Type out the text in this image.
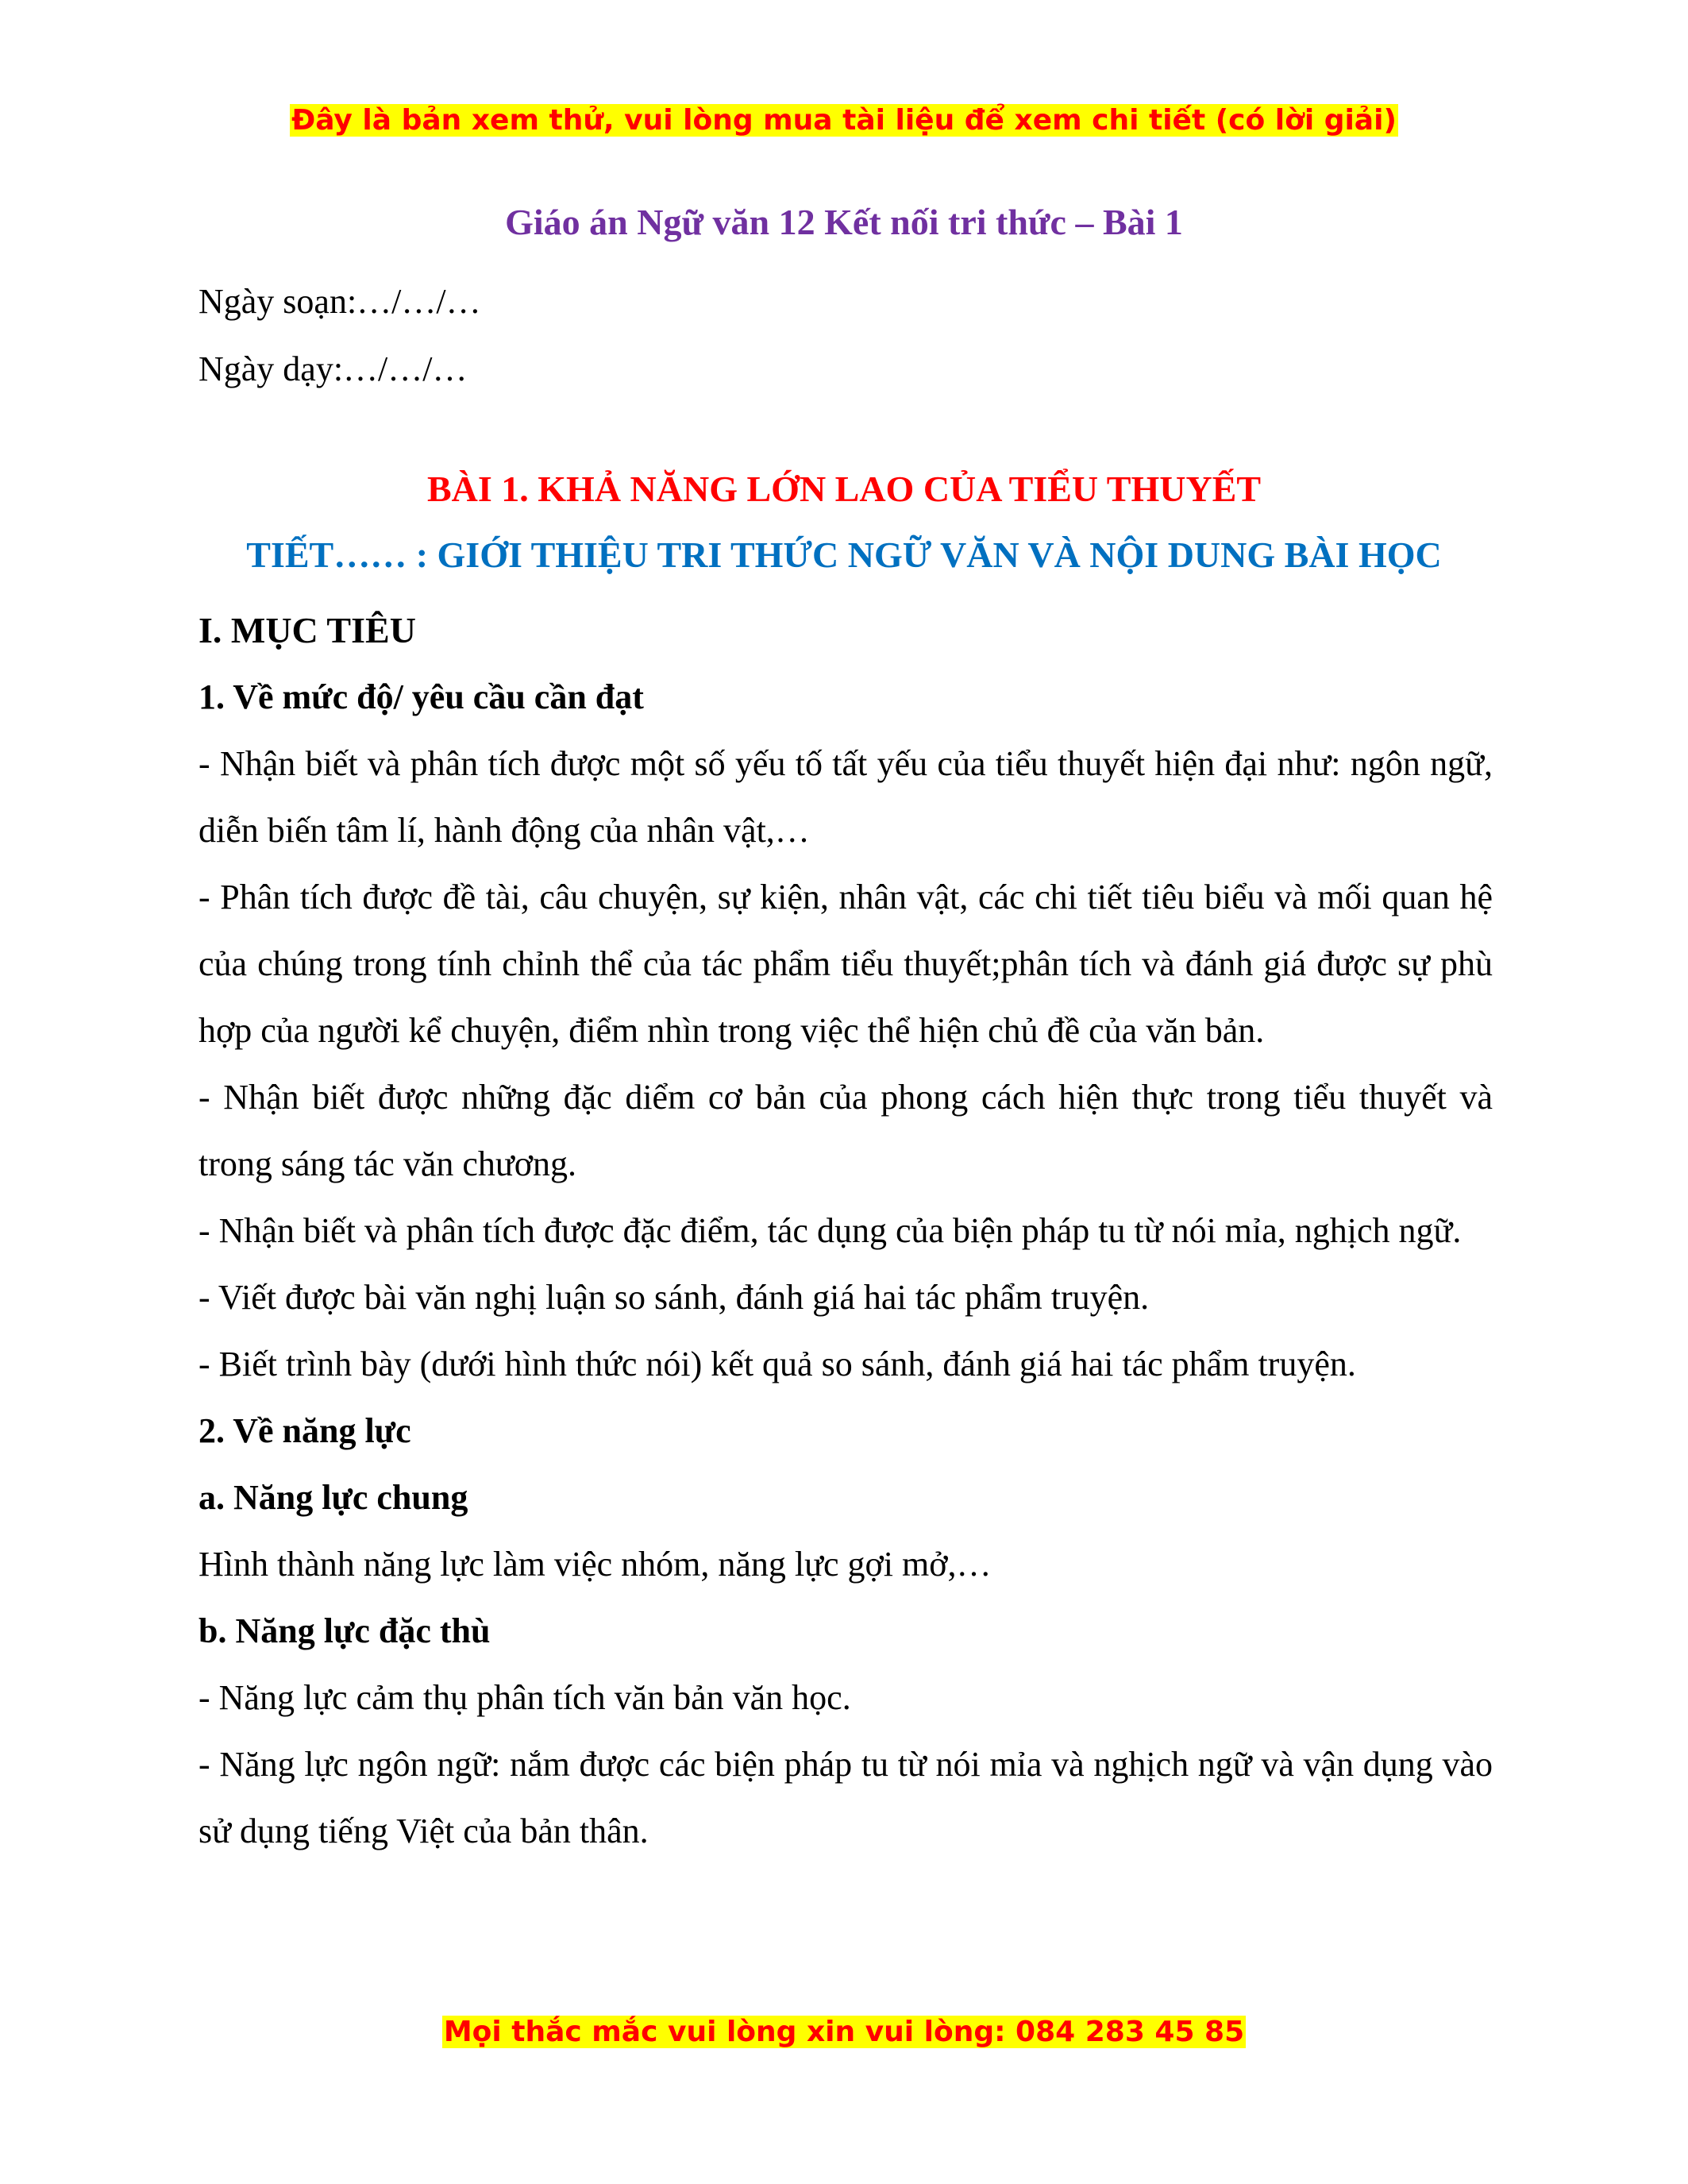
Đây là bản xem thử, vui lòng mua tài liệu để xem chi tiết (có lời giải)
Giáo án Ngữ văn 12 Kết nối tri thức – Bài 1
Ngày soạn:…/…/…
Ngày dạy:…/…/…
BÀI 1. KHẢ NĂNG LỚN LAO CỦA TIỂU THUYẾT
TIẾT…… : GIỚI THIỆU TRI THỨC NGỮ VĂN VÀ NỘI DUNG BÀI HỌC

I. MỤC TIÊU

1. Về mức độ/ yêu cầu cần đạt

- Nhận biết và phân tích được một số yếu tố tất yếu của tiểu thuyết hiện đại như: ngôn ngữ, diễn biến tâm lí, hành động của nhân vật,…

- Phân tích được đề tài, câu chuyện, sự kiện, nhân vật, các chi tiết tiêu biểu và mối quan hệ của chúng trong tính chỉnh thể của tác phẩm tiểu thuyết;phân tích và đánh giá được sự phù hợp của người kể chuyện, điểm nhìn trong việc thể hiện chủ đề của văn bản.

- Nhận biết được những đặc diểm cơ bản của phong cách hiện thực trong tiểu thuyết và trong sáng tác văn chương.

- Nhận biết và phân tích được đặc điểm, tác dụng của biện pháp tu từ nói mỉa, nghịch ngữ.

- Viết được bài văn nghị luận so sánh, đánh giá hai tác phẩm truyện.

- Biết trình bày (dưới hình thức nói) kết quả so sánh, đánh giá hai tác phẩm truyện.

2. Về năng lực

a. Năng lực chung

Hình thành năng lực làm việc nhóm, năng lực gợi mở,…

b. Năng lực đặc thù

- Năng lực cảm thụ phân tích văn bản văn học.

- Năng lực ngôn ngữ: nắm được các biện pháp tu từ nói mỉa và nghịch ngữ và vận dụng vào sử dụng tiếng Việt của bản thân.

Mọi thắc mắc vui lòng xin vui lòng: 084 283 45 85
